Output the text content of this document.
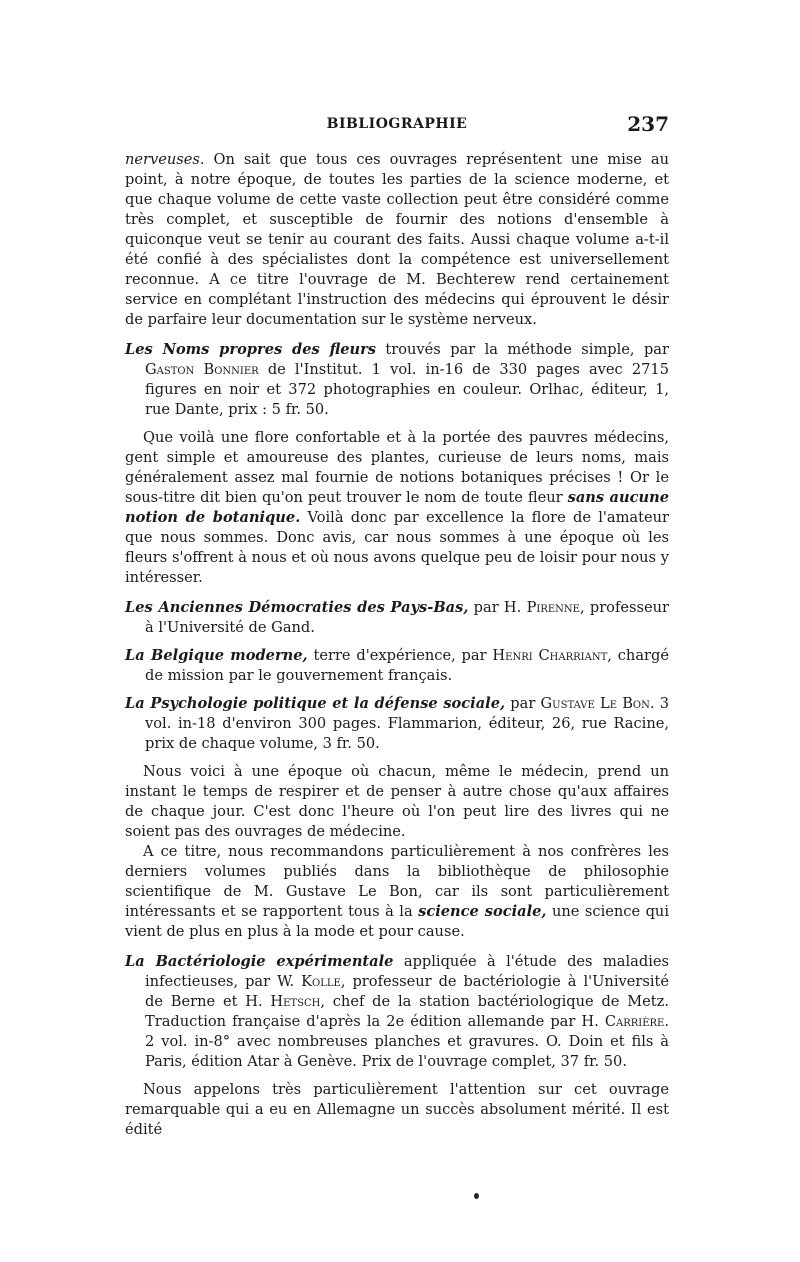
BIBLIOGRAPHIE	237

nerveuses. On sait que tous ces ouvrages représentent une mise au point, à notre époque, de toutes les parties de la science moderne, et que chaque volume de cette vaste collection peut être considéré comme très complet, et susceptible de fournir des notions d'ensemble à quiconque veut se tenir au courant des faits. Aussi chaque volume a-t-il été confié à des spécialistes dont la compétence est universellement reconnue. A ce titre l'ouvrage de M. Bechterew rend certainement service en complétant l'instruction des médecins qui éprouvent le désir de parfaire leur documentation sur le système nerveux.

Les Noms propres des fleurs trouvés par la méthode simple, par Gaston Bonnier de l'Institut. 1 vol. in-16 de 330 pages avec 2715 figures en noir et 372 photographies en couleur. Orlhac, éditeur, 1, rue Dante, prix : 5 fr. 50.

Que voilà une flore confortable et à la portée des pauvres médecins, gent simple et amoureuse des plantes, curieuse de leurs noms, mais généralement assez mal fournie de notions botaniques précises ! Or le sous-titre dit bien qu'on peut trouver le nom de toute fleur sans aucune notion de botanique. Voilà donc par excellence la flore de l'amateur que nous sommes. Donc avis, car nous sommes à une époque où les fleurs s'offrent à nous et où nous avons quelque peu de loisir pour nous y intéresser.

Les Anciennes Démocraties des Pays-Bas, par H. Pirenne, professeur à l'Université de Gand.

La Belgique moderne, terre d'expérience, par Henri Charriant, chargé de mission par le gouvernement français.

La Psychologie politique et la défense sociale, par Gustave Le Bon. 3 vol. in-18 d'environ 300 pages. Flammarion, éditeur, 26, rue Racine, prix de chaque volume, 3 fr. 50.

Nous voici à une époque où chacun, même le médecin, prend un instant le temps de respirer et de penser à autre chose qu'aux affaires de chaque jour. C'est donc l'heure où l'on peut lire des livres qui ne soient pas des ouvrages de médecine.

A ce titre, nous recommandons particulièrement à nos confrères les derniers volumes publiés dans la bibliothèque de philosophie scientifique de M. Gustave Le Bon, car ils sont particulièrement intéressants et se rapportent tous à la science sociale, une science qui vient de plus en plus à la mode et pour cause.

La Bactériologie expérimentale appliquée à l'étude des maladies infectieuses, par W. Kolle, professeur de bactériologie à l'Université de Berne et H. Hetsch, chef de la station bactériologique de Metz. Traduction française d'après la 2e édition allemande par H. Carrière. 2 vol. in-8° avec nombreuses planches et gravures. O. Doin et fils à Paris, édition Atar à Genève. Prix de l'ouvrage complet, 37 fr. 50.

Nous appelons très particulièrement l'attention sur cet ouvrage remarquable qui a eu en Allemagne un succès absolument mérité. Il est édité
